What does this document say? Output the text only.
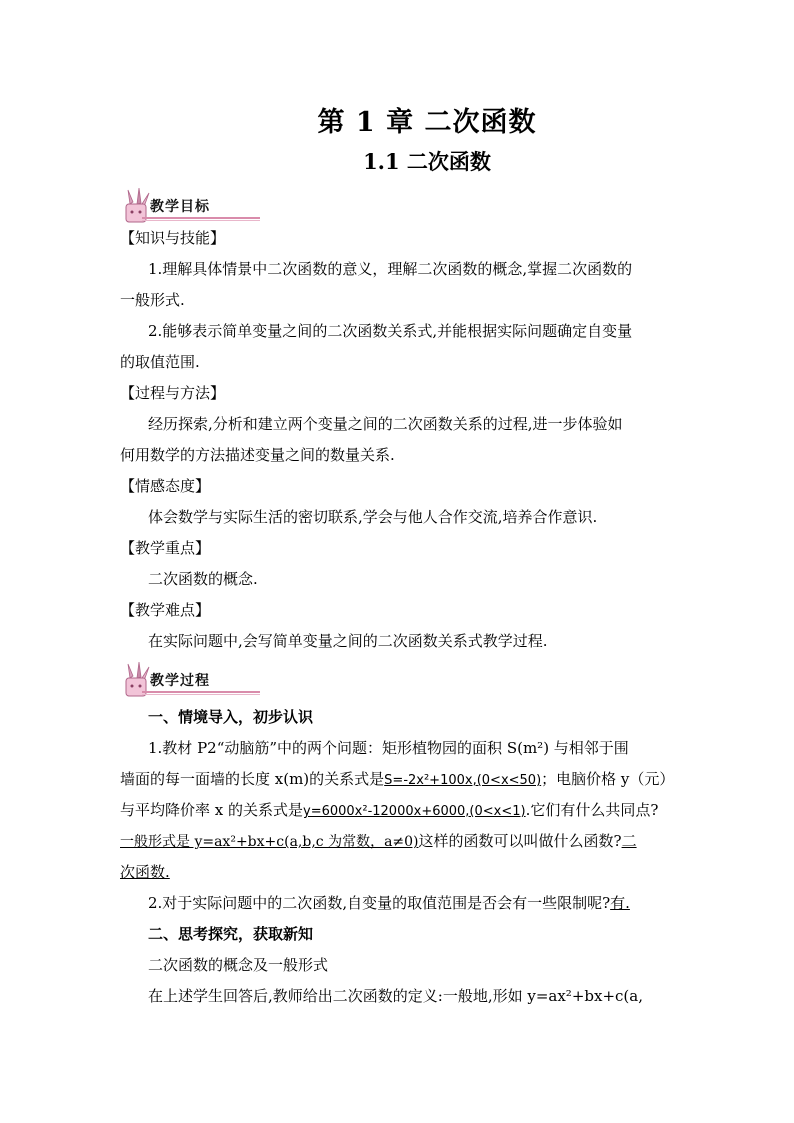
第 1 章 二次函数
1.1 二次函数
教学目标
【知识与技能】
1.理解具体情景中二次函数的意义，理解二次函数的概念,掌握二次函数的
一般形式.
2.能够表示简单变量之间的二次函数关系式,并能根据实际问题确定自变量
的取值范围.
【过程与方法】
经历探索,分析和建立两个变量之间的二次函数关系的过程,进一步体验如
何用数学的方法描述变量之间的数量关系.
【情感态度】
体会数学与实际生活的密切联系,学会与他人合作交流,培养合作意识.
【教学重点】
二次函数的概念.
【教学难点】
在实际问题中,会写简单变量之间的二次函数关系式教学过程.
教学过程
一、情境导入，初步认识
1.教材 P2“动脑筋”中的两个问题：矩形植物园的面积 S(m²) 与相邻于围
墙面的每一面墙的长度 x(m)的关系式是S=-2x²+100x,(0<x<50)；电脑价格 y（元）
与平均降价率 x 的关系式是y=6000x²-12000x+6000,(0<x<1).它们有什么共同点?
一般形式是 y=ax²+bx+c(a,b,c 为常数，a≠0)这样的函数可以叫做什么函数?二
次函数.
2.对于实际问题中的二次函数,自变量的取值范围是否会有一些限制呢?有.
二、思考探究，获取新知
二次函数的概念及一般形式
在上述学生回答后,教师给出二次函数的定义:一般地,形如 y=ax²+bx+c(a,
